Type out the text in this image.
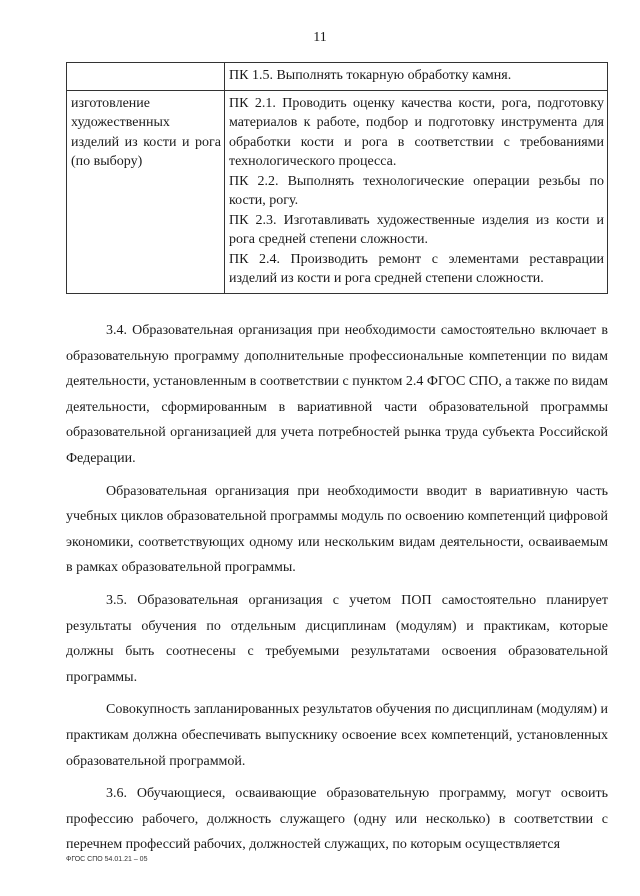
11

	ПК 1.5. Выполнять токарную обработку камня.

изготовление художественных изделий из кости и рога (по выбору)	ПК 2.1. Проводить оценку качества кости, рога, подготовку материалов к работе, подбор и подготовку инструмента для обработки кости и рога в соответствии с требованиями технологического процесса.
ПК 2.2. Выполнять технологические операции резьбы по кости, рогу.
ПК 2.3. Изготавливать художественные изделия из кости и рога средней степени сложности.
ПК 2.4. Производить ремонт с элементами реставрации изделий из кости и рога средней степени сложности.

3.4. Образовательная организация при необходимости самостоятельно включает в образовательную программу дополнительные профессиональные компетенции по видам деятельности, установленным в соответствии с пунктом 2.4 ФГОС СПО, а также по видам деятельности, сформированным в вариативной части образовательной программы образовательной организацией для учета потребностей рынка труда субъекта Российской Федерации.

Образовательная организация при необходимости вводит в вариативную часть учебных циклов образовательной программы модуль по освоению компетенций цифровой экономики, соответствующих одному или нескольким видам деятельности, осваиваемым в рамках образовательной программы.

3.5. Образовательная организация с учетом ПОП самостоятельно планирует результаты обучения по отдельным дисциплинам (модулям) и практикам, которые должны быть соотнесены с требуемыми результатами освоения образовательной программы.

Совокупность запланированных результатов обучения по дисциплинам (модулям) и практикам должна обеспечивать выпускнику освоение всех компетенций, установленных образовательной программой.

3.6. Обучающиеся, осваивающие образовательную программу, могут освоить профессию рабочего, должность служащего (одну или несколько) в соответствии с перечнем профессий рабочих, должностей служащих, по которым осуществляется

ФГОС СПО 54.01.21 – 05
